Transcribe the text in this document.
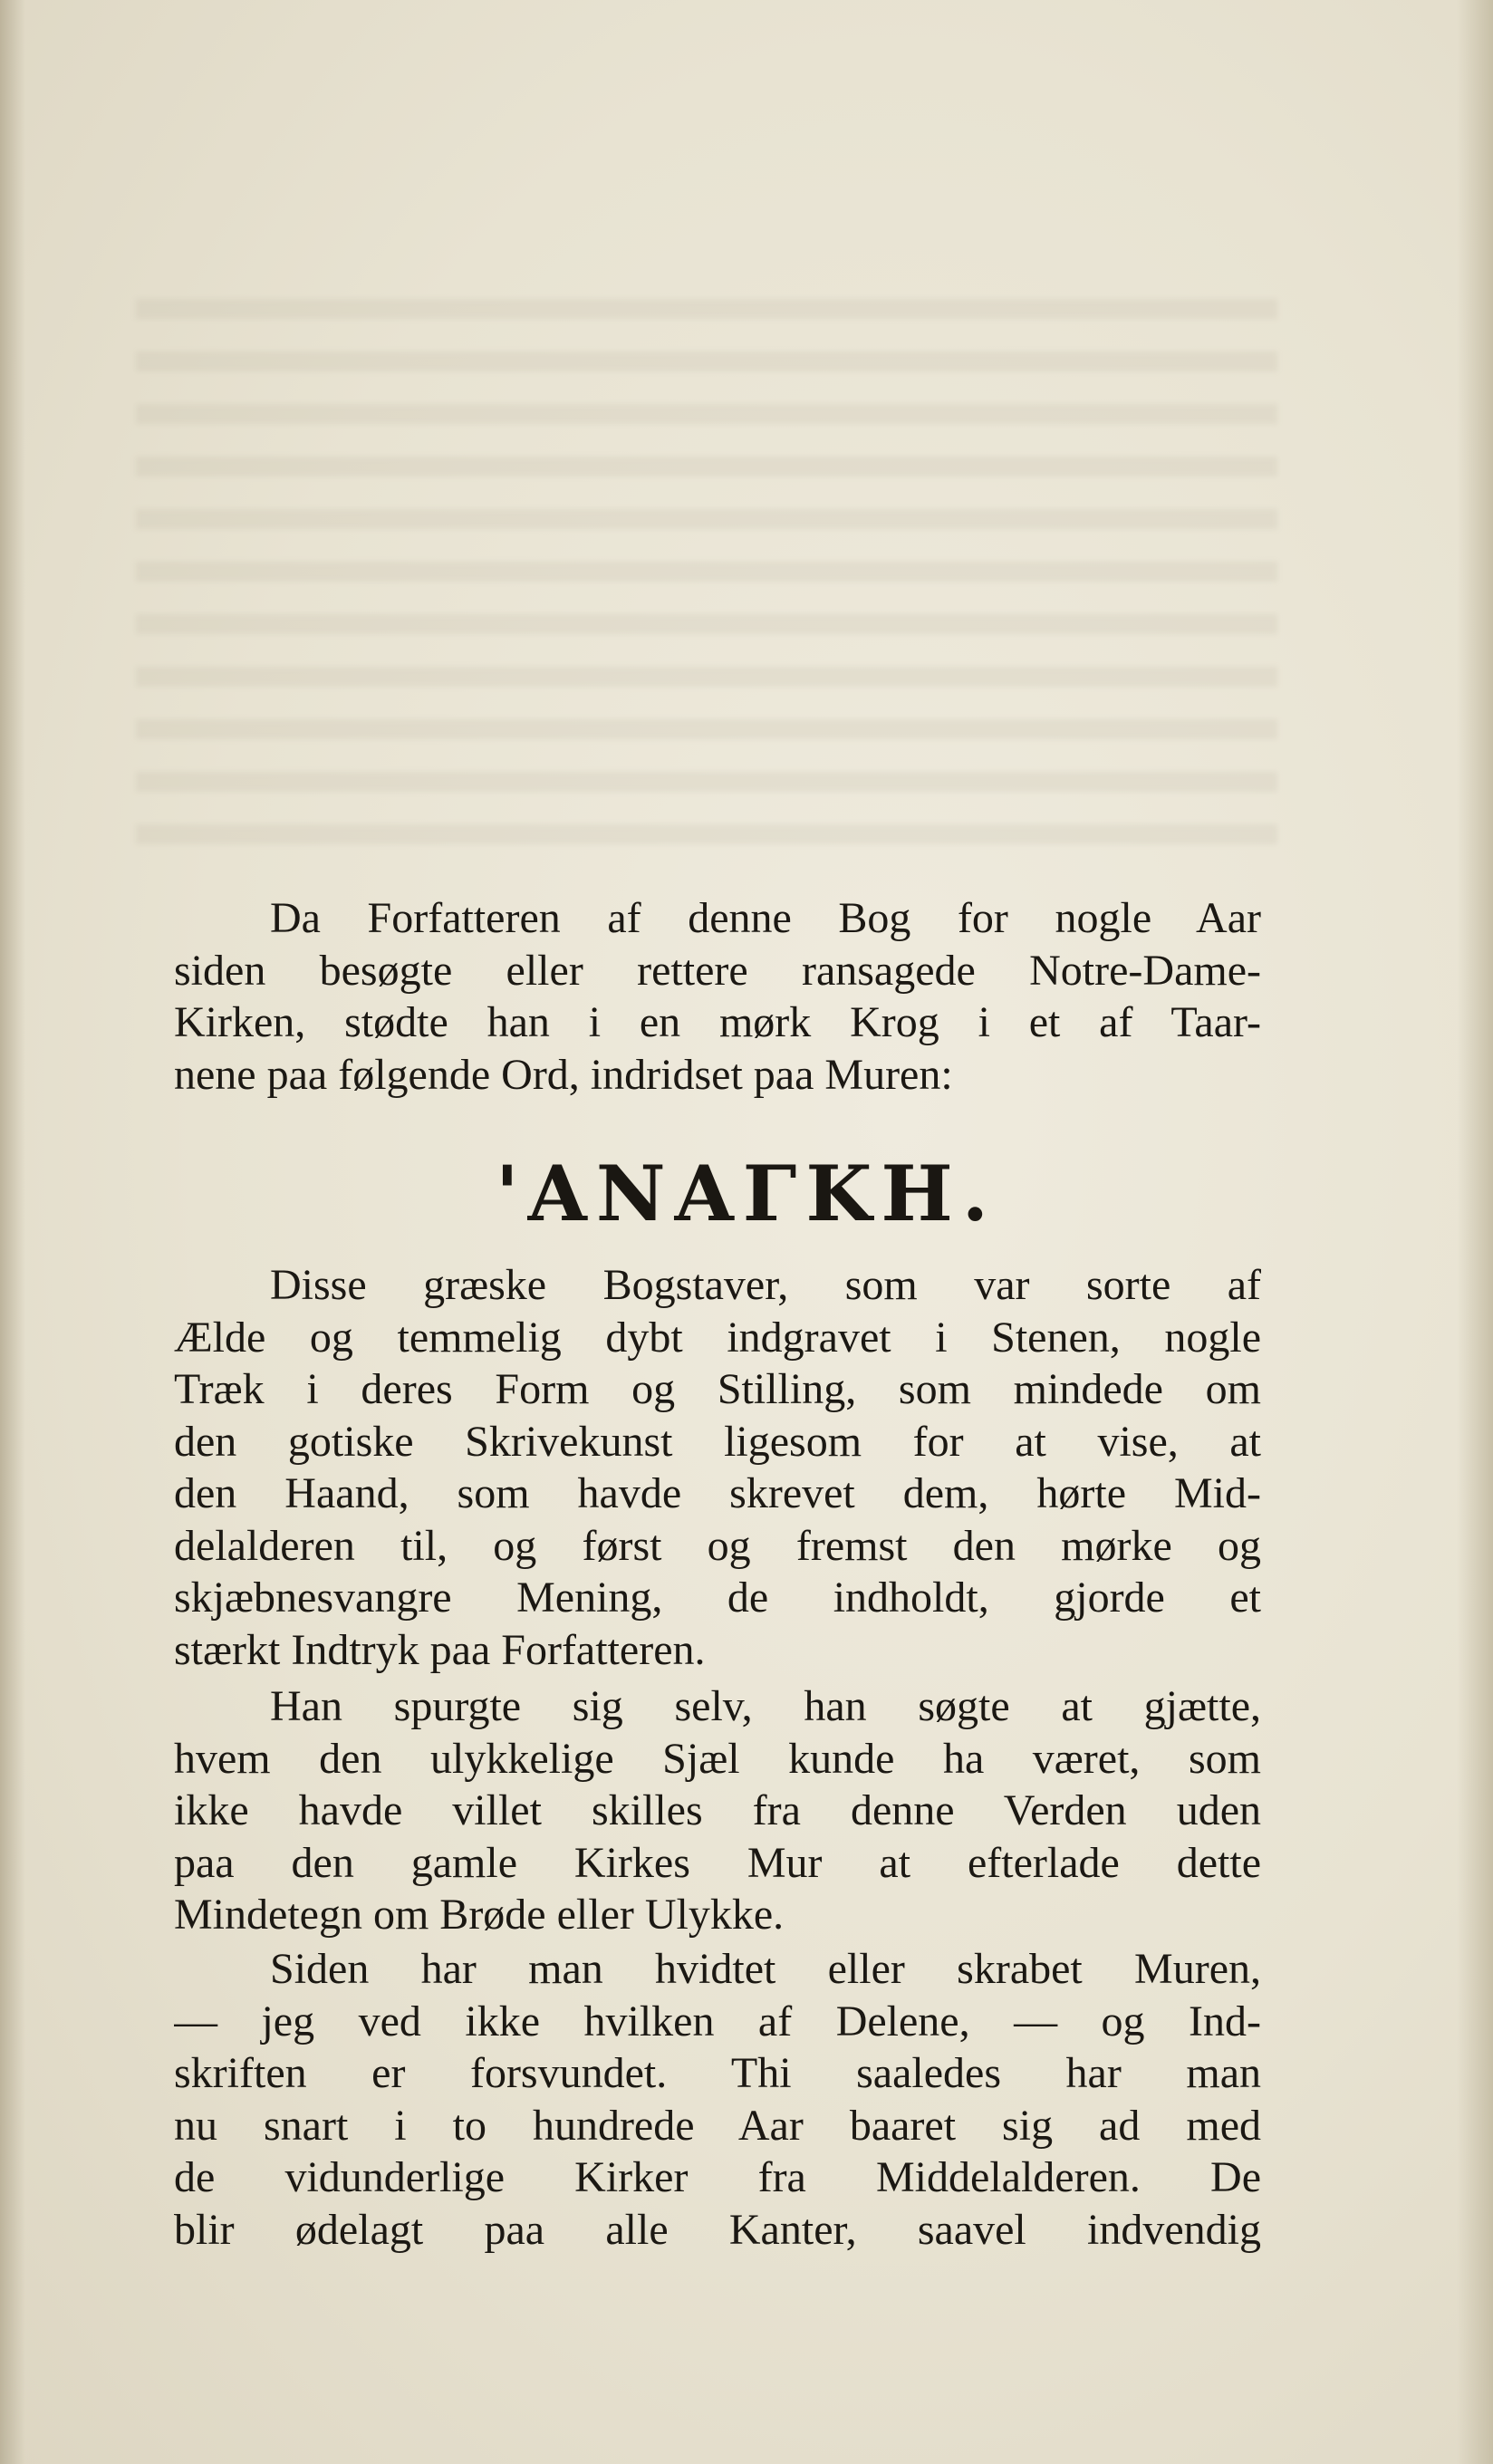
Da Forfatteren af denne Bog for nogle Aar
siden besøgte eller rettere ransagede Notre-Dame-
Kirken, stødte han i en mørk Krog i et af Taar-
nene paa følgende Ord, indridset paa Muren:
'ANAΓKH.
Disse græske Bogstaver, som var sorte af
Ælde og temmelig dybt indgravet i Stenen, nogle
Træk i deres Form og Stilling, som mindede om
den gotiske Skrivekunst ligesom for at vise, at
den Haand, som havde skrevet dem, hørte Mid-
delalderen til, og først og fremst den mørke og
skjæbnesvangre Mening, de indholdt, gjorde et
stærkt Indtryk paa Forfatteren.
Han spurgte sig selv, han søgte at gjætte,
hvem den ulykkelige Sjæl kunde ha været, som
ikke havde villet skilles fra denne Verden uden
paa den gamle Kirkes Mur at efterlade dette
Mindetegn om Brøde eller Ulykke.
Siden har man hvidtet eller skrabet Muren,
— jeg ved ikke hvilken af Delene, — og Ind-
skriften er forsvundet. Thi saaledes har man
nu snart i to hundrede Aar baaret sig ad med
de vidunderlige Kirker fra Middelalderen. De
blir ødelagt paa alle Kanter, saavel indvendig
